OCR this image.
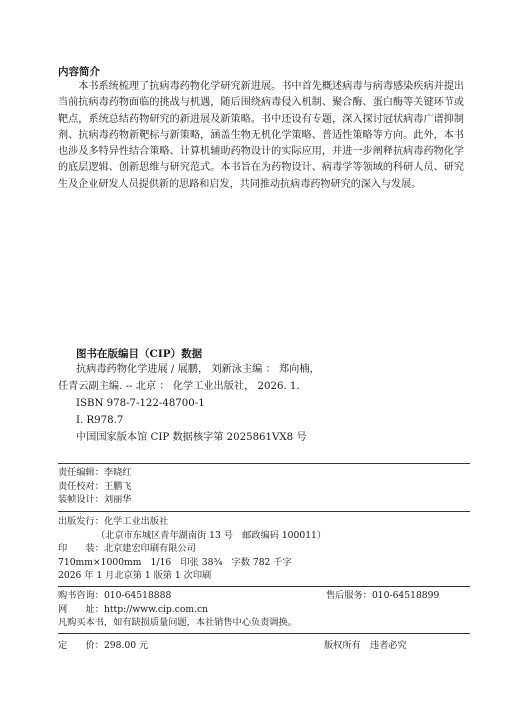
内容简介

本书系统梳理了抗病毒药物化学研究新进展。书中首先概述病毒与病毒感染疾病并提出当前抗病毒药物面临的挑战与机遇，随后围绕病毒侵入机制、聚合酶、蛋白酶等关键环节或靶点，系统总结药物研究的新进展及新策略。书中还设有专题，深入探讨冠状病毒广谱抑制剂、抗病毒药物新靶标与新策略，涵盖生物无机化学策略、普适性策略等方向。此外，本书也涉及多特异性结合策略、计算机辅助药物设计的实际应用，并进一步阐释抗病毒药物化学的底层逻辑、创新思维与研究范式。本书旨在为药物设计、病毒学等领域的科研人员、研究生及企业研发人员提供新的思路和启发，共同推动抗病毒药物研究的深入与发展。

图书在版编目（CIP）数据
抗病毒药物化学进展 / 展鹏， 刘新泳主编 ： 郑向楠，
任青云副主编. -- 北京 ： 化学工业出版社， 2026. 1.
ISBN 978-7-122-48700-1
Ⅰ. R978.7
中国国家版本馆 CIP 数据核字第 2025861VX8 号
责任编辑：李晓红
责任校对：王鹏飞
装帧设计：刘丽华
出版发行：化学工业出版社
（北京市东城区青年湖南街 13 号　邮政编码 100011）
印　　装：北京建宏印刷有限公司
710mm×1000mm　1/16　印张 38¾　字数 782 千字
2026 年 1 月北京第 1 版第 1 次印刷
购书咨询：010-64518888	售后服务：010-64518899
网　　址：http://www.cip.com.cn
凡购买本书，如有缺损质量问题，本社销售中心负责调换。
定　　价：298.00 元	版权所有　违者必究
